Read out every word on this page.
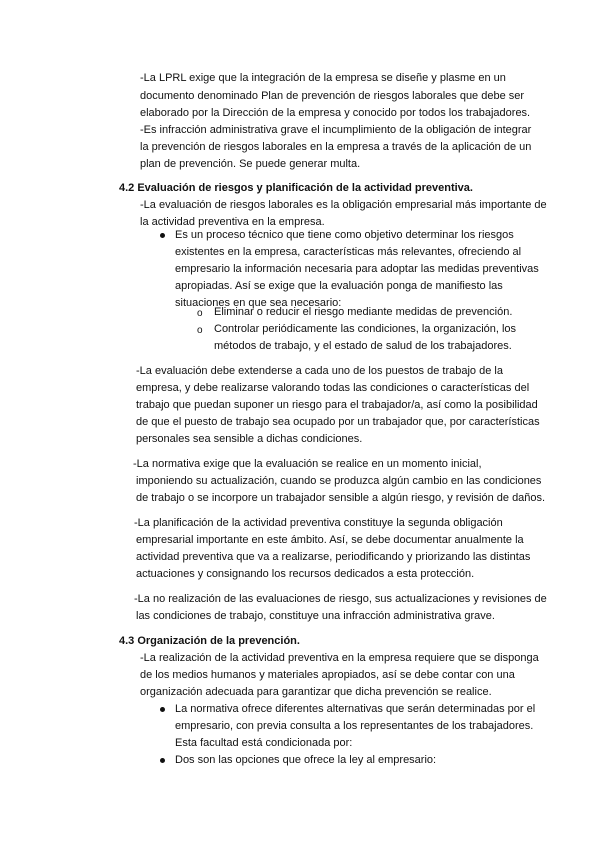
-La LPRL exige que la integración de la empresa se diseñe y plasme en un
documento denominado Plan de prevención de riesgos laborales que debe ser
elaborado por la Dirección de la empresa y conocido por todos los trabajadores.
-Es infracción administrativa grave el incumplimiento de la obligación de integrar
la prevención de riesgos laborales en la empresa a través de la aplicación de un
plan de prevención. Se puede generar multa.
4.2 Evaluación de riesgos y planificación de la actividad preventiva.
-La evaluación de riesgos laborales es la obligación empresarial más importante de
la actividad preventiva en la empresa.
Es un proceso técnico que tiene como objetivo determinar los riesgos
existentes en la empresa, características más relevantes, ofreciendo al
empresario la información necesaria para adoptar las medidas preventivas
apropiadas. Así se exige que la evaluación ponga de manifiesto las
situaciones en que sea necesario:
o Eliminar o reducir el riesgo mediante medidas de prevención.
o Controlar periódicamente las condiciones, la organización, los
métodos de trabajo, y el estado de salud de los trabajadores.
-La evaluación debe extenderse a cada uno de los puestos de trabajo de la
empresa, y debe realizarse valorando todas las condiciones o características del
trabajo que puedan suponer un riesgo para el trabajador/a, así como la posibilidad
de que el puesto de trabajo sea ocupado por un trabajador que, por características
personales sea sensible a dichas condiciones.
-La normativa exige que la evaluación se realice en un momento inicial,
imponiendo su actualización, cuando se produzca algún cambio en las condiciones
de trabajo o se incorpore un trabajador sensible a algún riesgo, y revisión de daños.
-La planificación de la actividad preventiva constituye la segunda obligación
empresarial importante en este ámbito. Así, se debe documentar anualmente la
actividad preventiva que va a realizarse, periodificando y priorizando las distintas
actuaciones y consignando los recursos dedicados a esta protección.
-La no realización de las evaluaciones de riesgo, sus actualizaciones y revisiones de
las condiciones de trabajo, constituye una infracción administrativa grave.
4.3 Organización de la prevención.
-La realización de la actividad preventiva en la empresa requiere que se disponga
de los medios humanos y materiales apropiados, así se debe contar con una
organización adecuada para garantizar que dicha prevención se realice.
La normativa ofrece diferentes alternativas que serán determinadas por el
empresario, con previa consulta a los representantes de los trabajadores.
Esta facultad está condicionada por:
Dos son las opciones que ofrece la ley al empresario:
